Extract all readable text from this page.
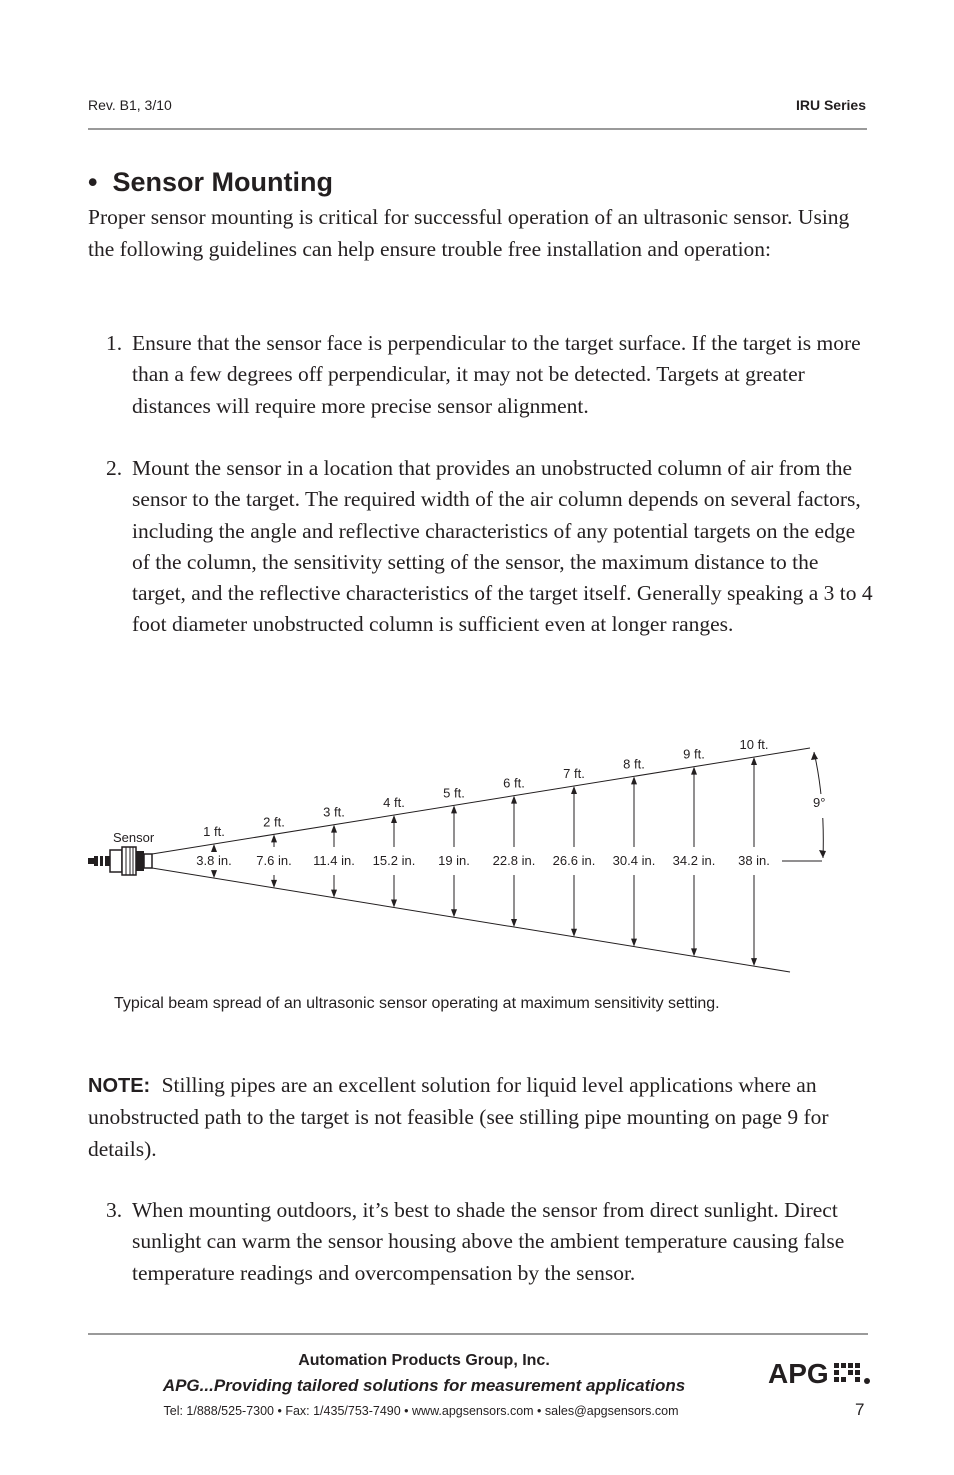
Rev. B1, 3/10	IRU Series
• Sensor Mounting

Proper sensor mounting is critical for successful operation of an ultrasonic sensor. Using the following guidelines can help ensure trouble free installation and operation:

1. Ensure that the sensor face is perpendicular to the target surface. If the target is more than a few degrees off perpendicular, it may not be detected. Targets at greater distances will require more precise sensor alignment.
2. Mount the sensor in a location that provides an unobstructed column of air from the sensor to the target. The required width of the air column depends on several factors, including the angle and reflective characteristics of any potential targets on the edge of the column, the sensitivity setting of the sensor, the maximum distance to the target, and the reflective characteristics of the target itself. Generally speaking a 3 to 4 foot diameter unobstructed column is sufficient even at longer ranges.
Sensor	1 ft.
3.8 in.
2 ft.
7.6 in.
3 ft.
11.4 in.
4 ft.
15.2 in.
5 ft.
19 in.
6 ft.
22.8 in.
7 ft.
26.6 in.
8 ft.
30.4 in.
9 ft.
34.2 in.
10 ft.
38 in.
9°
Typical beam spread of an ultrasonic sensor operating at maximum sensitivity setting.

NOTE: Stilling pipes are an excellent solution for liquid level applications where an unobstructed path to the target is not feasible (see stilling pipe mounting on page 9 for details).

3. When mounting outdoors, it’s best to shade the sensor from direct sunlight. Direct sunlight can warm the sensor housing above the ambient temperature causing false temperature readings and overcompensation by the sensor.
Automation Products Group, Inc.
APG...Providing tailored solutions for measurement applications
Tel: 1/888/525-7300 • Fax: 1/435/753-7490 • www.apgsensors.com • sales@apgsensors.com
APG
7
